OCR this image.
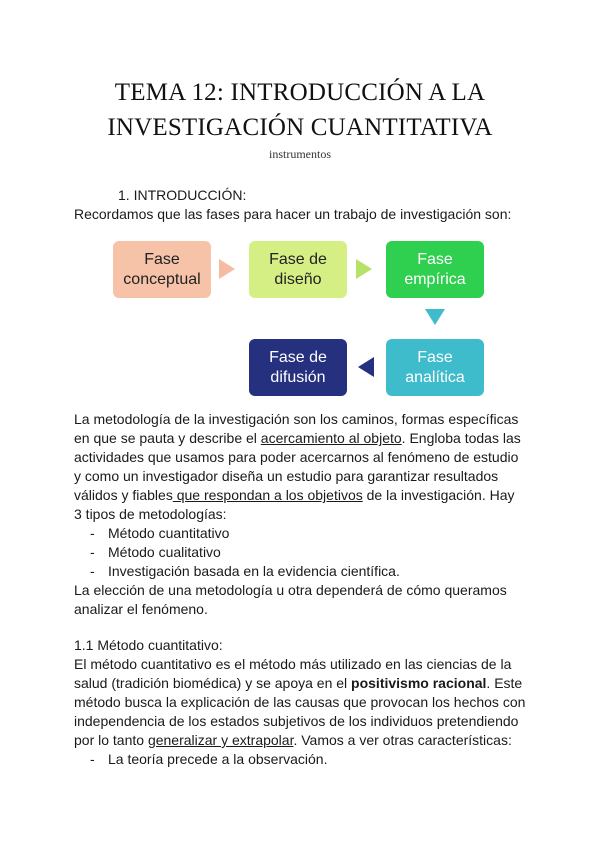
TEMA 12: INTRODUCCIÓN A LA
INVESTIGACIÓN CUANTITATIVA
instrumentos
1. INTRODUCCIÓN:
Recordamos que las fases para hacer un trabajo de investigación son:
Fase
conceptual
Fase de
diseño
Fase
empírica
Fase
analítica
Fase de
difusión
La metodología de la investigación son los caminos, formas específicas
en que se pauta y describe el acercamiento al objeto. Engloba todas las
actividades que usamos para poder acercarnos al fenómeno de estudio
y como un investigador diseña un estudio para garantizar resultados
válidos y fiables que respondan a los objetivos de la investigación. Hay
3 tipos de metodologías:
- Método cuantitativo
- Método cualitativo
- Investigación basada en la evidencia científica.
La elección de una metodología u otra dependerá de cómo queramos
analizar el fenómeno.
1.1 Método cuantitativo:
El método cuantitativo es el método más utilizado en las ciencias de la
salud (tradición biomédica) y se apoya en el positivismo racional. Este
método busca la explicación de las causas que provocan los hechos con
independencia de los estados subjetivos de los individuos pretendiendo
por lo tanto generalizar y extrapolar. Vamos a ver otras características:
- La teoría precede a la observación.
